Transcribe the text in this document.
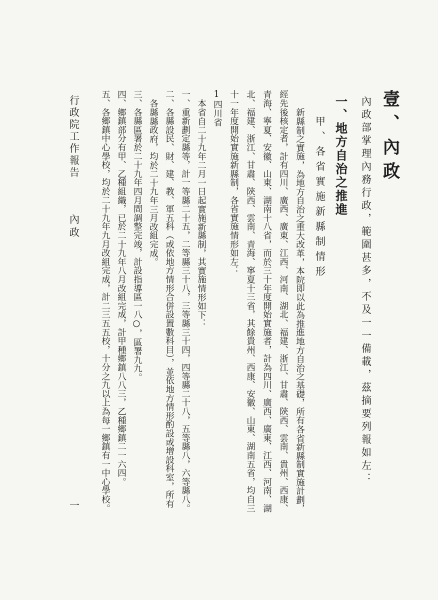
壹、內政

內政部掌理內務行政，範圍甚多，不及一一備載，茲摘要列報如左：

一、地方自治之推進
甲、各省實施新縣制情形

新縣制之實施，為地方自治之重大改革，本院即以此為推進地方自治之基礎，所有各省新縣制實施計劃，經先後核定者，計有四川、廣西、廣東、江西、河南、湖北、福建、浙江、甘肅、陝西、雲南、貴州、西康、青海、寧夏、安徽、山東、湖南十八省，而於三十年度開始實施者，計為四川、廣西、廣東、江西、河南、湖北、福建、浙江、甘肅、陝西、雲南、青海、寧夏十三省，其餘貴州、西康、安徽、山東、湖南五省，均自三十一年度開始實施新縣制，各省實施情形如左：

1四川省

本省自二十九年二月一日起實施新縣制，其實施情形如下：

一、重新劃定縣等，計一等縣二十五，二等縣三十八，三等縣三十四，四等縣二十八，五等縣八，六等縣八。

二、各縣設民、財、建、教、軍五科（或依地方情形合併設置數科目），並依地方情形酌設或增設科室，所有各縣縣政府，均於二十九年三月改組完成。

三、各縣區署於二十九年四月間調整完竣，計設指導區一八○，區署九九。

四、鄉鎮部分有甲、乙種組織，已於二十九年八月改組完成，計甲種鄉鎮八八三，乙種鄉鎮二一六四。

五、各鄉鎮中心學校，均於二十九年九月改組完成，計二三五五校，十分之九以上為每一鄉鎮有一中心學校。

行政院工作報告
內政
一
